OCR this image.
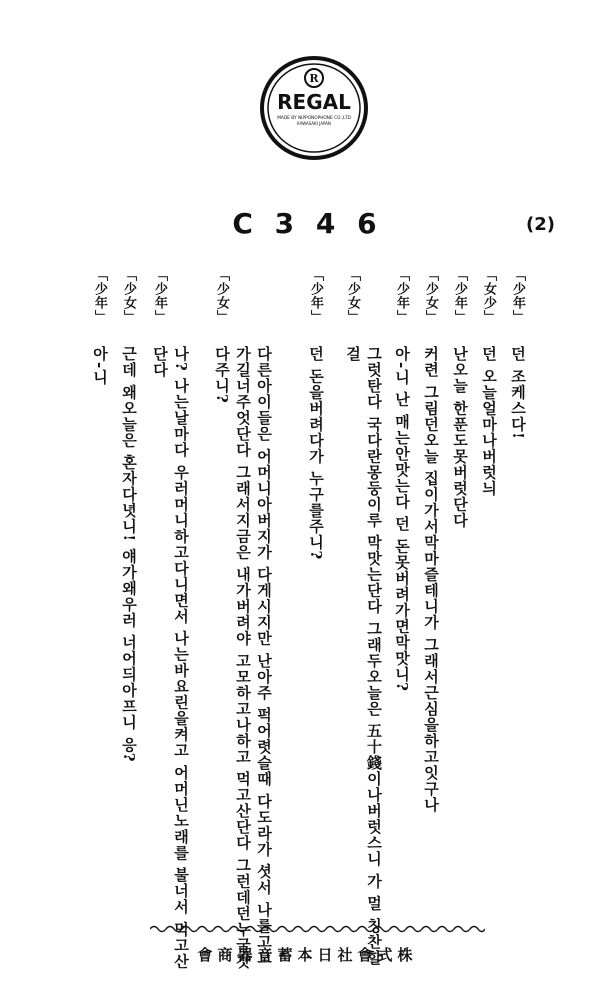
R
REGAL
MADE BY NIPPONOPHONE CO.,LTD
KAWASAKI JAPAN
C 3 4 6	(2)
「少年」
던 조케스다!
「女少」
던 오늘얼마나버럿늬
「少年」
난오늘 한푼도못버럿단다
「少女」
커련 그림던오늘 집이가서막마즐테니가 그래서근심을하고잇구나
「少年」
아-니 난 매는안맛는다 던 돈못버려가면막맛니?
「少女」
그럿탄다 국다란몽둥이루 막맛는단다 그래두오늘은 五十錢이나버럿스니 가 멀 칭찬할걸
「少年」
던 돈을버려다가 누구를주니?
「少女」
다른아이들은 어머니아버지가 다게시지만 난아주 퍽어렷슬때 다도라가 셧서 나를고모가길너주엇단다 그래서지금은 내가버려야 고모하고나하고 먹고산단다 그런데던누굴갓다주니?
「少年」
나? 나는날마다 우러머니하고다니면서 나는바요린을켜고 어머닌노래를 불너서 먹고산단다
「少女」
근데 왜오늘은 혼자다녓니! 얘가왜우러 너어듸아프니 응?
「少年」
아-니
會商器音蓄本日社會式株
